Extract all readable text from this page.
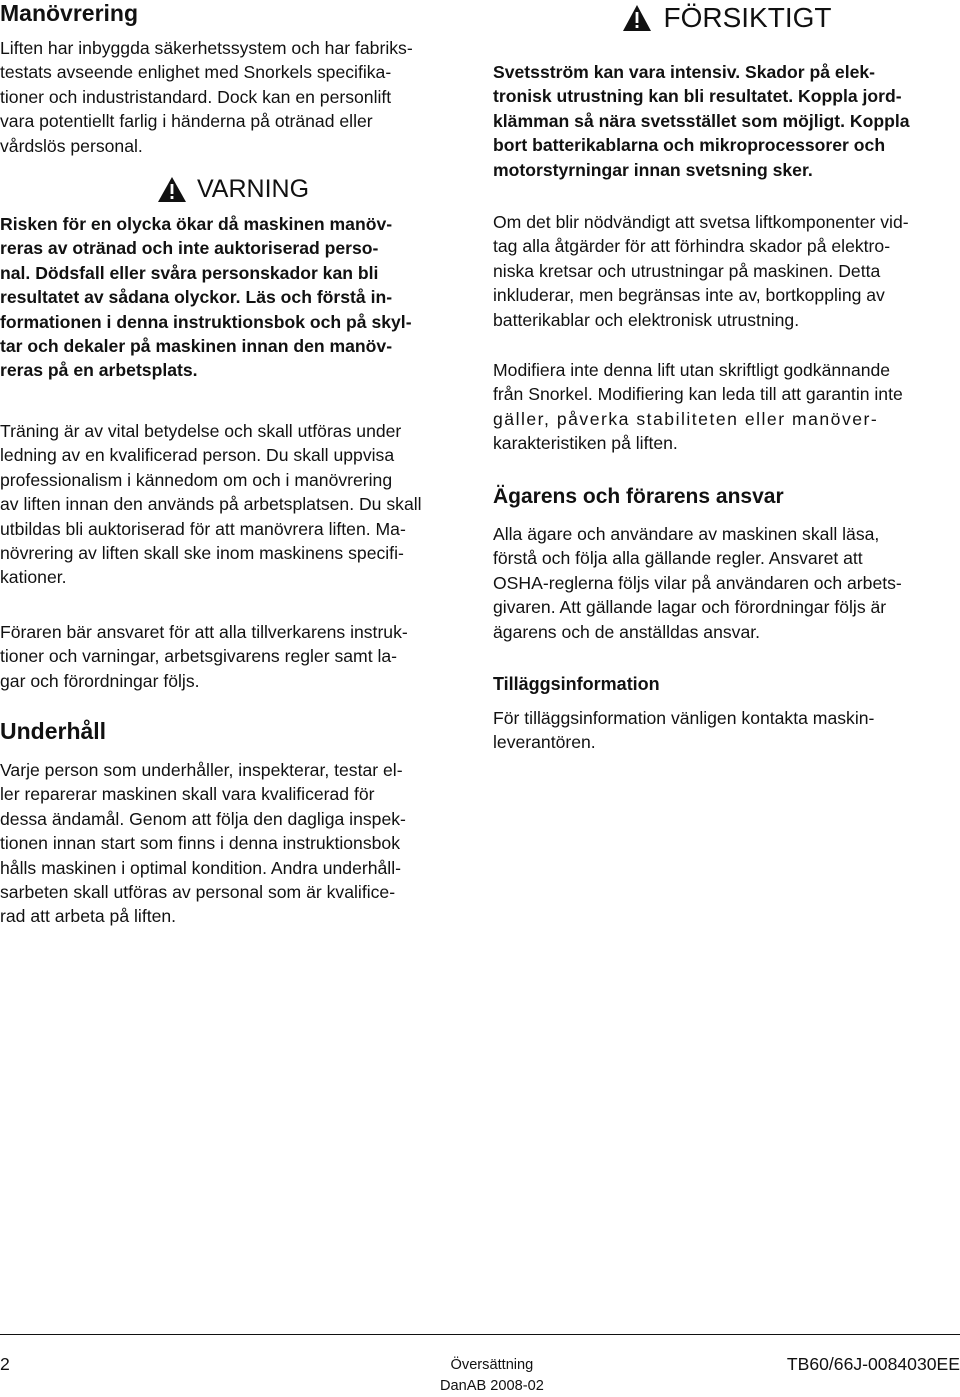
Manövrering
Liften har inbyggda säkerhetssystem och har fabriks-
testats avseende enlighet med Snorkels specifika-
tioner och industristandard. Dock kan en personlift
vara potentiellt farlig i händerna på otränad eller
vårdslös personal.
VARNING
Risken för en olycka ökar då maskinen manöv-
reras av otränad och inte auktoriserad perso-
nal. Dödsfall eller svåra personskador kan bli
resultatet av sådana olyckor. Läs och förstå in-
formationen i denna instruktionsbok och på skyl-
tar och dekaler på maskinen innan den manöv-
reras på en arbetsplats.
Träning är av vital betydelse och skall utföras under
ledning av en kvalificerad person. Du skall uppvisa
professionalism i kännedom om och i manövrering
av liften innan den används på arbetsplatsen. Du skall
utbildas bli auktoriserad för att manövrera liften. Ma-
növrering av liften skall ske inom maskinens specifi-
kationer.
Föraren bär ansvaret för att alla tillverkarens instruk-
tioner och varningar, arbetsgivarens regler samt la-
gar och förordningar följs.
Underhåll
Varje person som underhåller, inspekterar, testar el-
ler reparerar maskinen skall vara kvalificerad för
dessa ändamål. Genom att följa den dagliga inspek-
tionen innan start som finns i denna instruktionsbok
hålls maskinen i optimal kondition. Andra underhåll-
sarbeten skall utföras av personal som är kvalifice-
rad att arbeta på liften.
FÖRSIKTIGT
Svetsström kan vara intensiv. Skador på elek-
tronisk utrustning kan bli resultatet. Koppla jord-
klämman så nära svetsstället som möjligt. Koppla
bort batterikablarna och mikroprocessorer och
motorstyrningar innan svetsning sker.
Om det blir nödvändigt att svetsa liftkomponenter vid-
tag alla åtgärder för att förhindra skador på elektro-
niska kretsar och utrustningar på maskinen. Detta
inkluderar, men begränsas inte av, bortkoppling av
batterikablar och elektronisk utrustning.
Modifiera inte denna lift utan skriftligt godkännande
från Snorkel. Modifiering kan leda till att garantin inte
gäller, påverka stabiliteten eller manöver-
karakteristiken på liften.
Ägarens och förarens ansvar
Alla ägare och användare av maskinen skall läsa,
förstå och följa alla gällande regler. Ansvaret att
OSHA-reglerna följs vilar på användaren och arbets-
givaren. Att gällande lagar och förordningar följs är
ägarens och de anställdas ansvar.
Tilläggsinformation
För tilläggsinformation vänligen kontakta maskin-
leverantören.
2	Översättning
DanAB 2008-02
TB60/66J-0084030EE
